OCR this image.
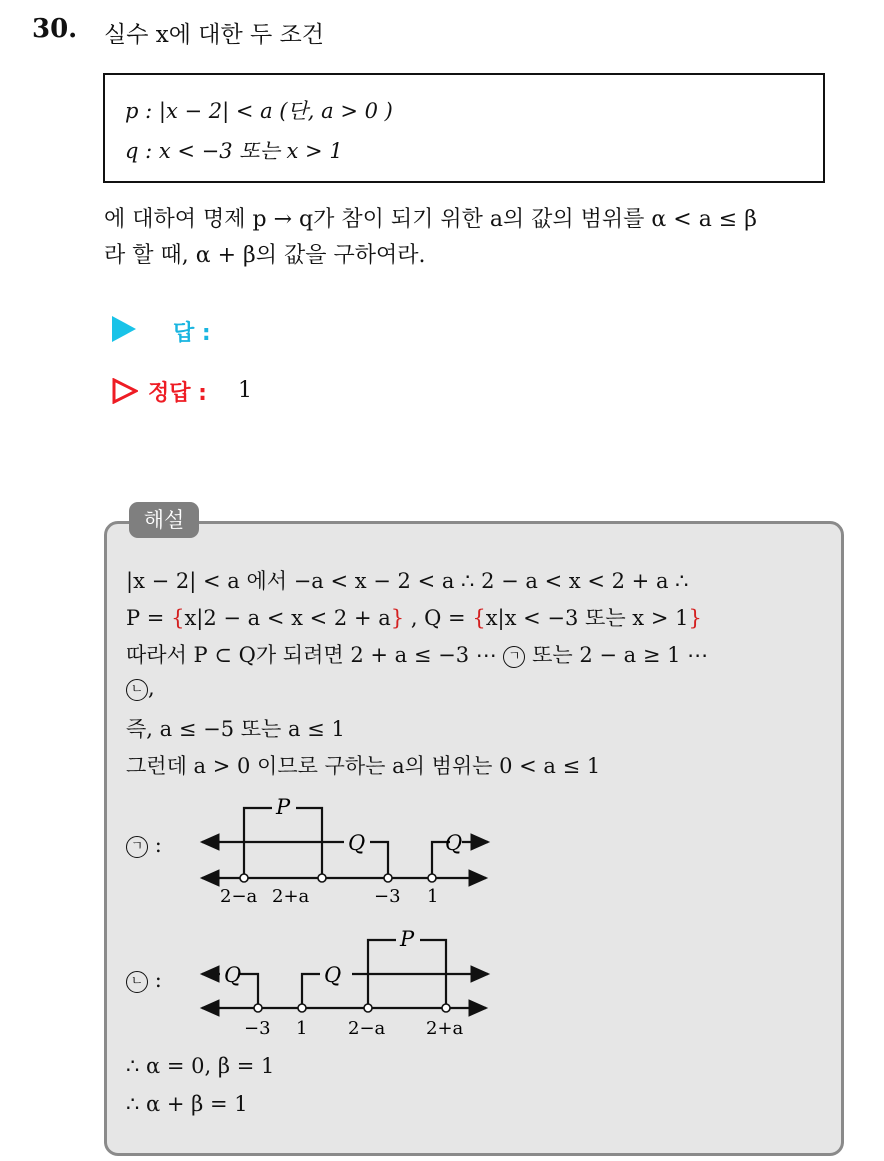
30. 실수 x에 대한 두 조건
p : |x − 2| < a (단, a > 0 )
q : x < −3 또는 x > 1
에 대하여 명제 p → q가 참이 되기 위한 a의 값의 범위를 α < a ≤ β
라 할 때, α + β의 값을 구하여라.
답 :
정답 : 1
해설
|x − 2| < a 에서 −a < x − 2 < a ∴ 2 − a < x < 2 + a ∴
P = {x|2 − a < x < 2 + a} , Q = {x|x < −3 또는 x > 1}
따라서 P ⊂ Q가 되려면 2 + a ≤ −3 ⋯ ㄱ 또는 2 − a ≥ 1 ⋯
ㄴ ,
즉, a ≤ −5 또는 a ≤ 1
그런데 a > 0 이므로 구하는 a의 범위는 0 < a ≤ 1
ㄱ :
P
Q	Q
2−a 2+a	−3 1
ㄴ :
P
Q	Q
−3 1 2−a 2+a
∴ α = 0, β = 1
∴ α + β = 1
